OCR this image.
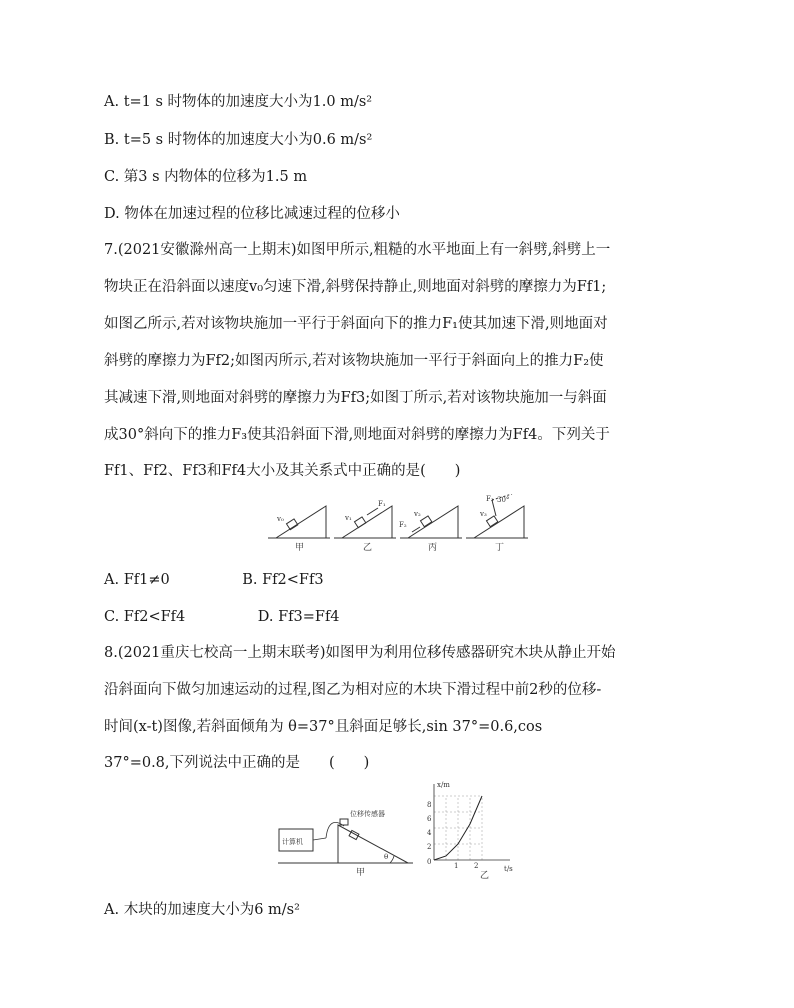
A. t=1 s 时物体的加速度大小为1.0 m/s²
B. t=5 s 时物体的加速度大小为0.6 m/s²
C. 第3 s 内物体的位移为1.5 m
D. 物体在加速过程的位移比减速过程的位移小
7.(2021安徽滁州高一上期末)如图甲所示,粗糙的水平地面上有一斜劈,斜劈上一
物块正在沿斜面以速度v₀匀速下滑,斜劈保持静止,则地面对斜劈的摩擦力为Ff1;
如图乙所示,若对该物块施加一平行于斜面向下的推力F₁使其加速下滑,则地面对
斜劈的摩擦力为Ff2;如图丙所示,若对该物块施加一平行于斜面向上的推力F₂使
其减速下滑,则地面对斜劈的摩擦力为Ff3;如图丁所示,若对该物块施加一与斜面
成30°斜向下的推力F₃使其沿斜面下滑,则地面对斜劈的摩擦力为Ff4。下列关于
Ff1、Ff2、Ff3和Ff4大小及其关系式中正确的是(　　)
v₀
甲
v₁
F₁
乙
v₂
F₂
丙
v₃
F₃ 30°
丁
A. Ff1≠0　　　　　B. Ff2<Ff3
C. Ff2<Ff4　　　　　D. Ff3=Ff4
8.(2021重庆七校高一上期末联考)如图甲为利用位移传感器研究木块从静止开始
沿斜面向下做匀加速运动的过程,图乙为相对应的木块下滑过程中前2秒的位移-
时间(x-t)图像,若斜面倾角为 θ=37°且斜面足够长,sin 37°=0.6,cos
37°=0.8,下列说法中正确的是　　(　　)
计算机
位移传感器
θ
甲
x/m
t/s
8
6
4
2
0	1 2
乙
A. 木块的加速度大小为6 m/s²
